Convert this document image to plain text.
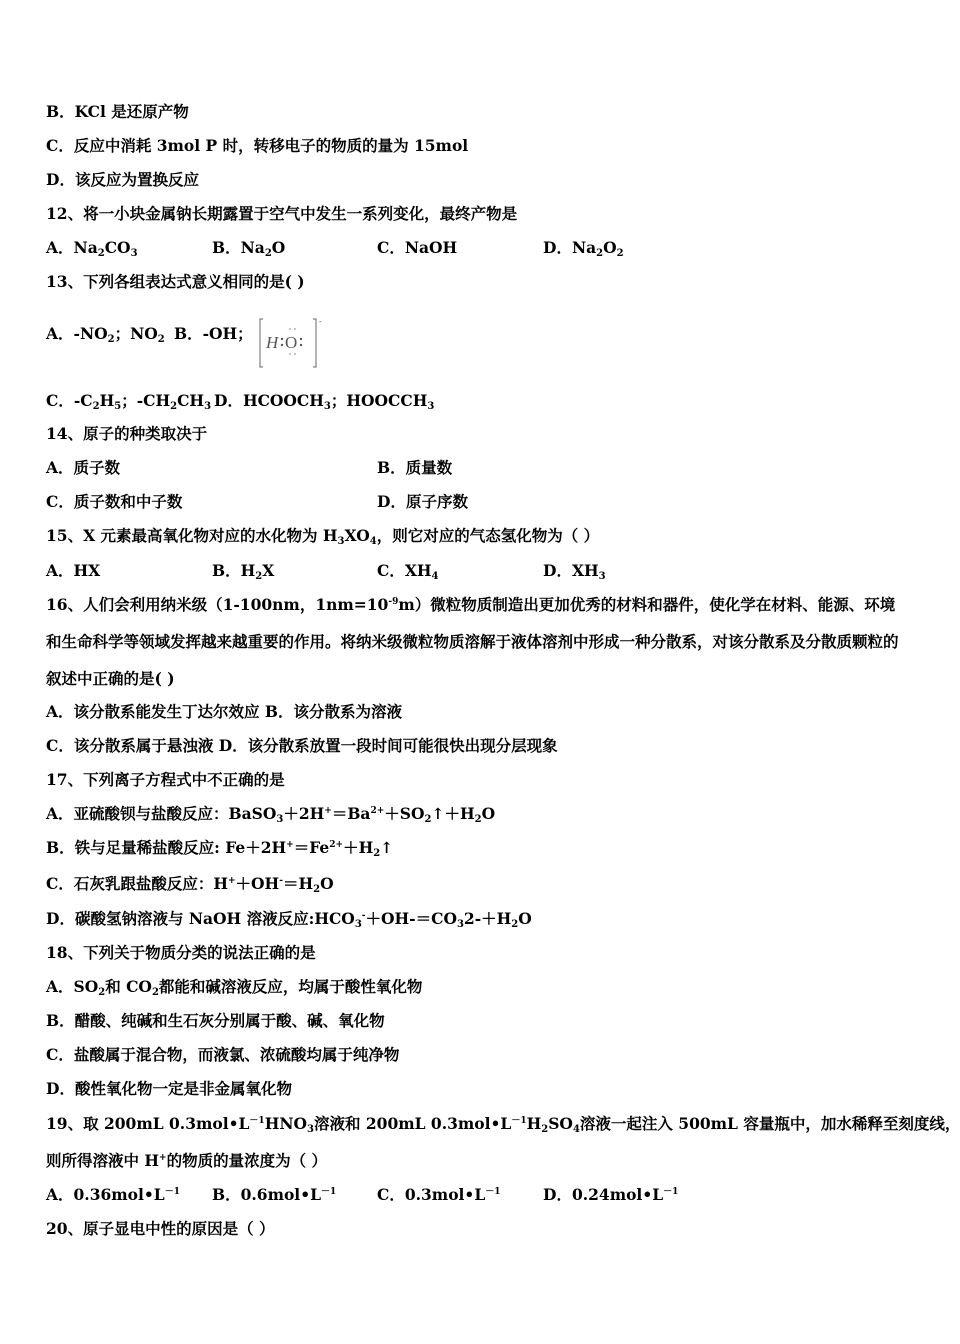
B．KCl 是还原产物
C．反应中消耗 3mol P 时，转移电子的物质的量为 15mol
D．该反应为置换反应
12、将一小块金属钠长期露置于空气中发生一系列变化，最终产物是
A．$Na_2CO_3$	B．$Na_2O$	C．NaOH	D．$Na_2O_2$
13、下列各组表达式意义相同的是( )
A．$-NO_2$；$NO_2$ B．-OH；
-
H O
C．$-C_2H_5$；$-CH_2CH_3$ D．$HCOOCH_3$；$HOOCCH_3$
14、原子的种类取决于
A．质子数	B．质量数
C．质子数和中子数	D．原子序数
15、X 元素最高氧化物对应的水化物为 $H_3XO_4$，则它对应的气态氢化物为（ ）
A．HX	B．$H_2X$	C．$XH_4$	D．$XH_3$
16、人们会利用纳米级（1-100nm，$1nm=10^{-9}m$）微粒物质制造出更加优秀的材料和器件，使化学在材料、能源、环境和生命科学等领域发挥越来越重要的作用。将纳米级微粒物质溶解于液体溶剂中形成一种分散系，对该分散系及分散质颗粒的叙述中正确的是( )
A．该分散系能发生丁达尔效应 B．该分散系为溶液
C．该分散系属于悬浊液 D．该分散系放置一段时间可能很快出现分层现象
17、下列离子方程式中不正确的是
A．亚硫酸钡与盐酸反应：$BaSO_3+2H^+=Ba^{2+}+SO_2↑+H_2O$
B．铁与足量稀盐酸反应: $Fe+2H^+=Fe^{2+}+H_2↑$
C．石灰乳跟盐酸反应：$H^++OH^-=H_2O$
D．碳酸氢钠溶液与 NaOH 溶液反应$:HCO_3^-+OH-=CO_32-+H_2O$
18、下列关于物质分类的说法正确的是
A．$SO_2$和 $CO_2$都能和碱溶液反应，均属于酸性氧化物
B．醋酸、纯碱和生石灰分别属于酸、碱、氧化物
C．盐酸属于混合物，而液氯、浓硫酸均属于纯净物
D．酸性氧化物一定是非金属氧化物
19、取 200mL $0.3mol•L^{-1}HNO_3$溶液和 200mL $0.3mol•L^{-1}H_2SO_4$溶液一起注入 500mL 容量瓶中，加水稀释至刻度线，
则所得溶液中 H+的物质的量浓度为（ ）
A．$0.36mol•L^{-1}$ B．$0.6mol•L^{-1}$	C．$0.3mol•L^{-1}$	D．$0.24mol•L^{-1}$
20、原子显电中性的原因是（ ）
